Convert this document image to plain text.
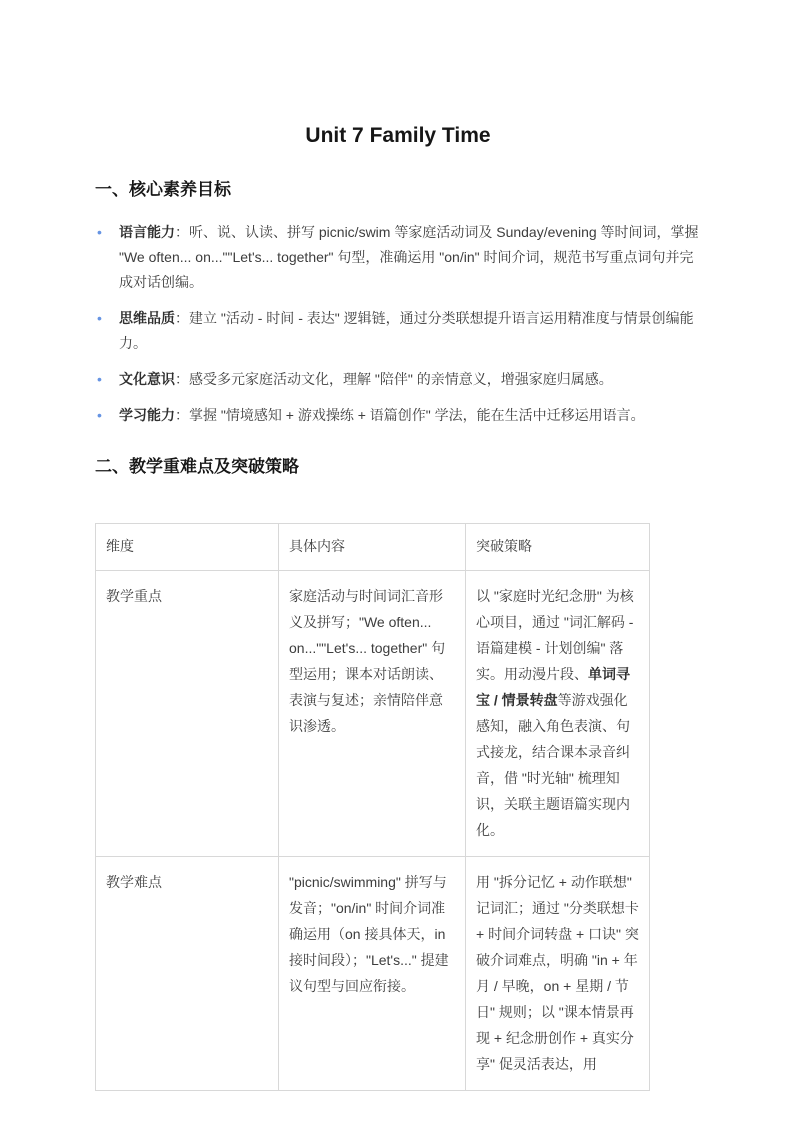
Unit 7 Family Time
一、核心素养目标
•	语言能力：听、说、认读、拼写 picnic/swim 等家庭活动词及 Sunday/evening 等时间词，掌握 "We often... on...""Let's... together" 句型，准确运用 "on/in" 时间介词，规范书写重点词句并完成对话创编。

•	思维品质：建立 "活动 - 时间 - 表达" 逻辑链，通过分类联想提升语言运用精准度与情景创编能力。

•	文化意识：感受多元家庭活动文化，理解 "陪伴" 的亲情意义，增强家庭归属感。

•	学习能力：掌握 "情境感知 + 游戏操练 + 语篇创作" 学法，能在生活中迁移运用语言。

二、教学重难点及突破策略
维度	具体内容	突破策略
教学重点	家庭活动与时间词汇音形义及拼写；"We often... on...""Let's... together" 句型运用；课本对话朗读、表演与复述；亲情陪伴意识渗透。	以 "家庭时光纪念册" 为核心项目，通过 "词汇解码 - 语篇建模 - 计划创编" 落实。用动漫片段、单词寻宝 / 情景转盘等游戏强化感知，融入角色表演、句式接龙，结合课本录音纠音，借 "时光轴" 梳理知识，关联主题语篇实现内化。
教学难点	"picnic/swimming" 拼写与发音；"on/in" 时间介词准确运用（on 接具体天，in 接时间段）；"Let's..." 提建议句型与回应衔接。	用 "拆分记忆 + 动作联想" 记词汇；通过 "分类联想卡 + 时间介词转盘 + 口诀" 突破介词难点，明确 "in + 年月 / 早晚，on + 星期 / 节日" 规则；以 "课本情景再现 + 纪念册创作 + 真实分享" 促灵活表达，用
